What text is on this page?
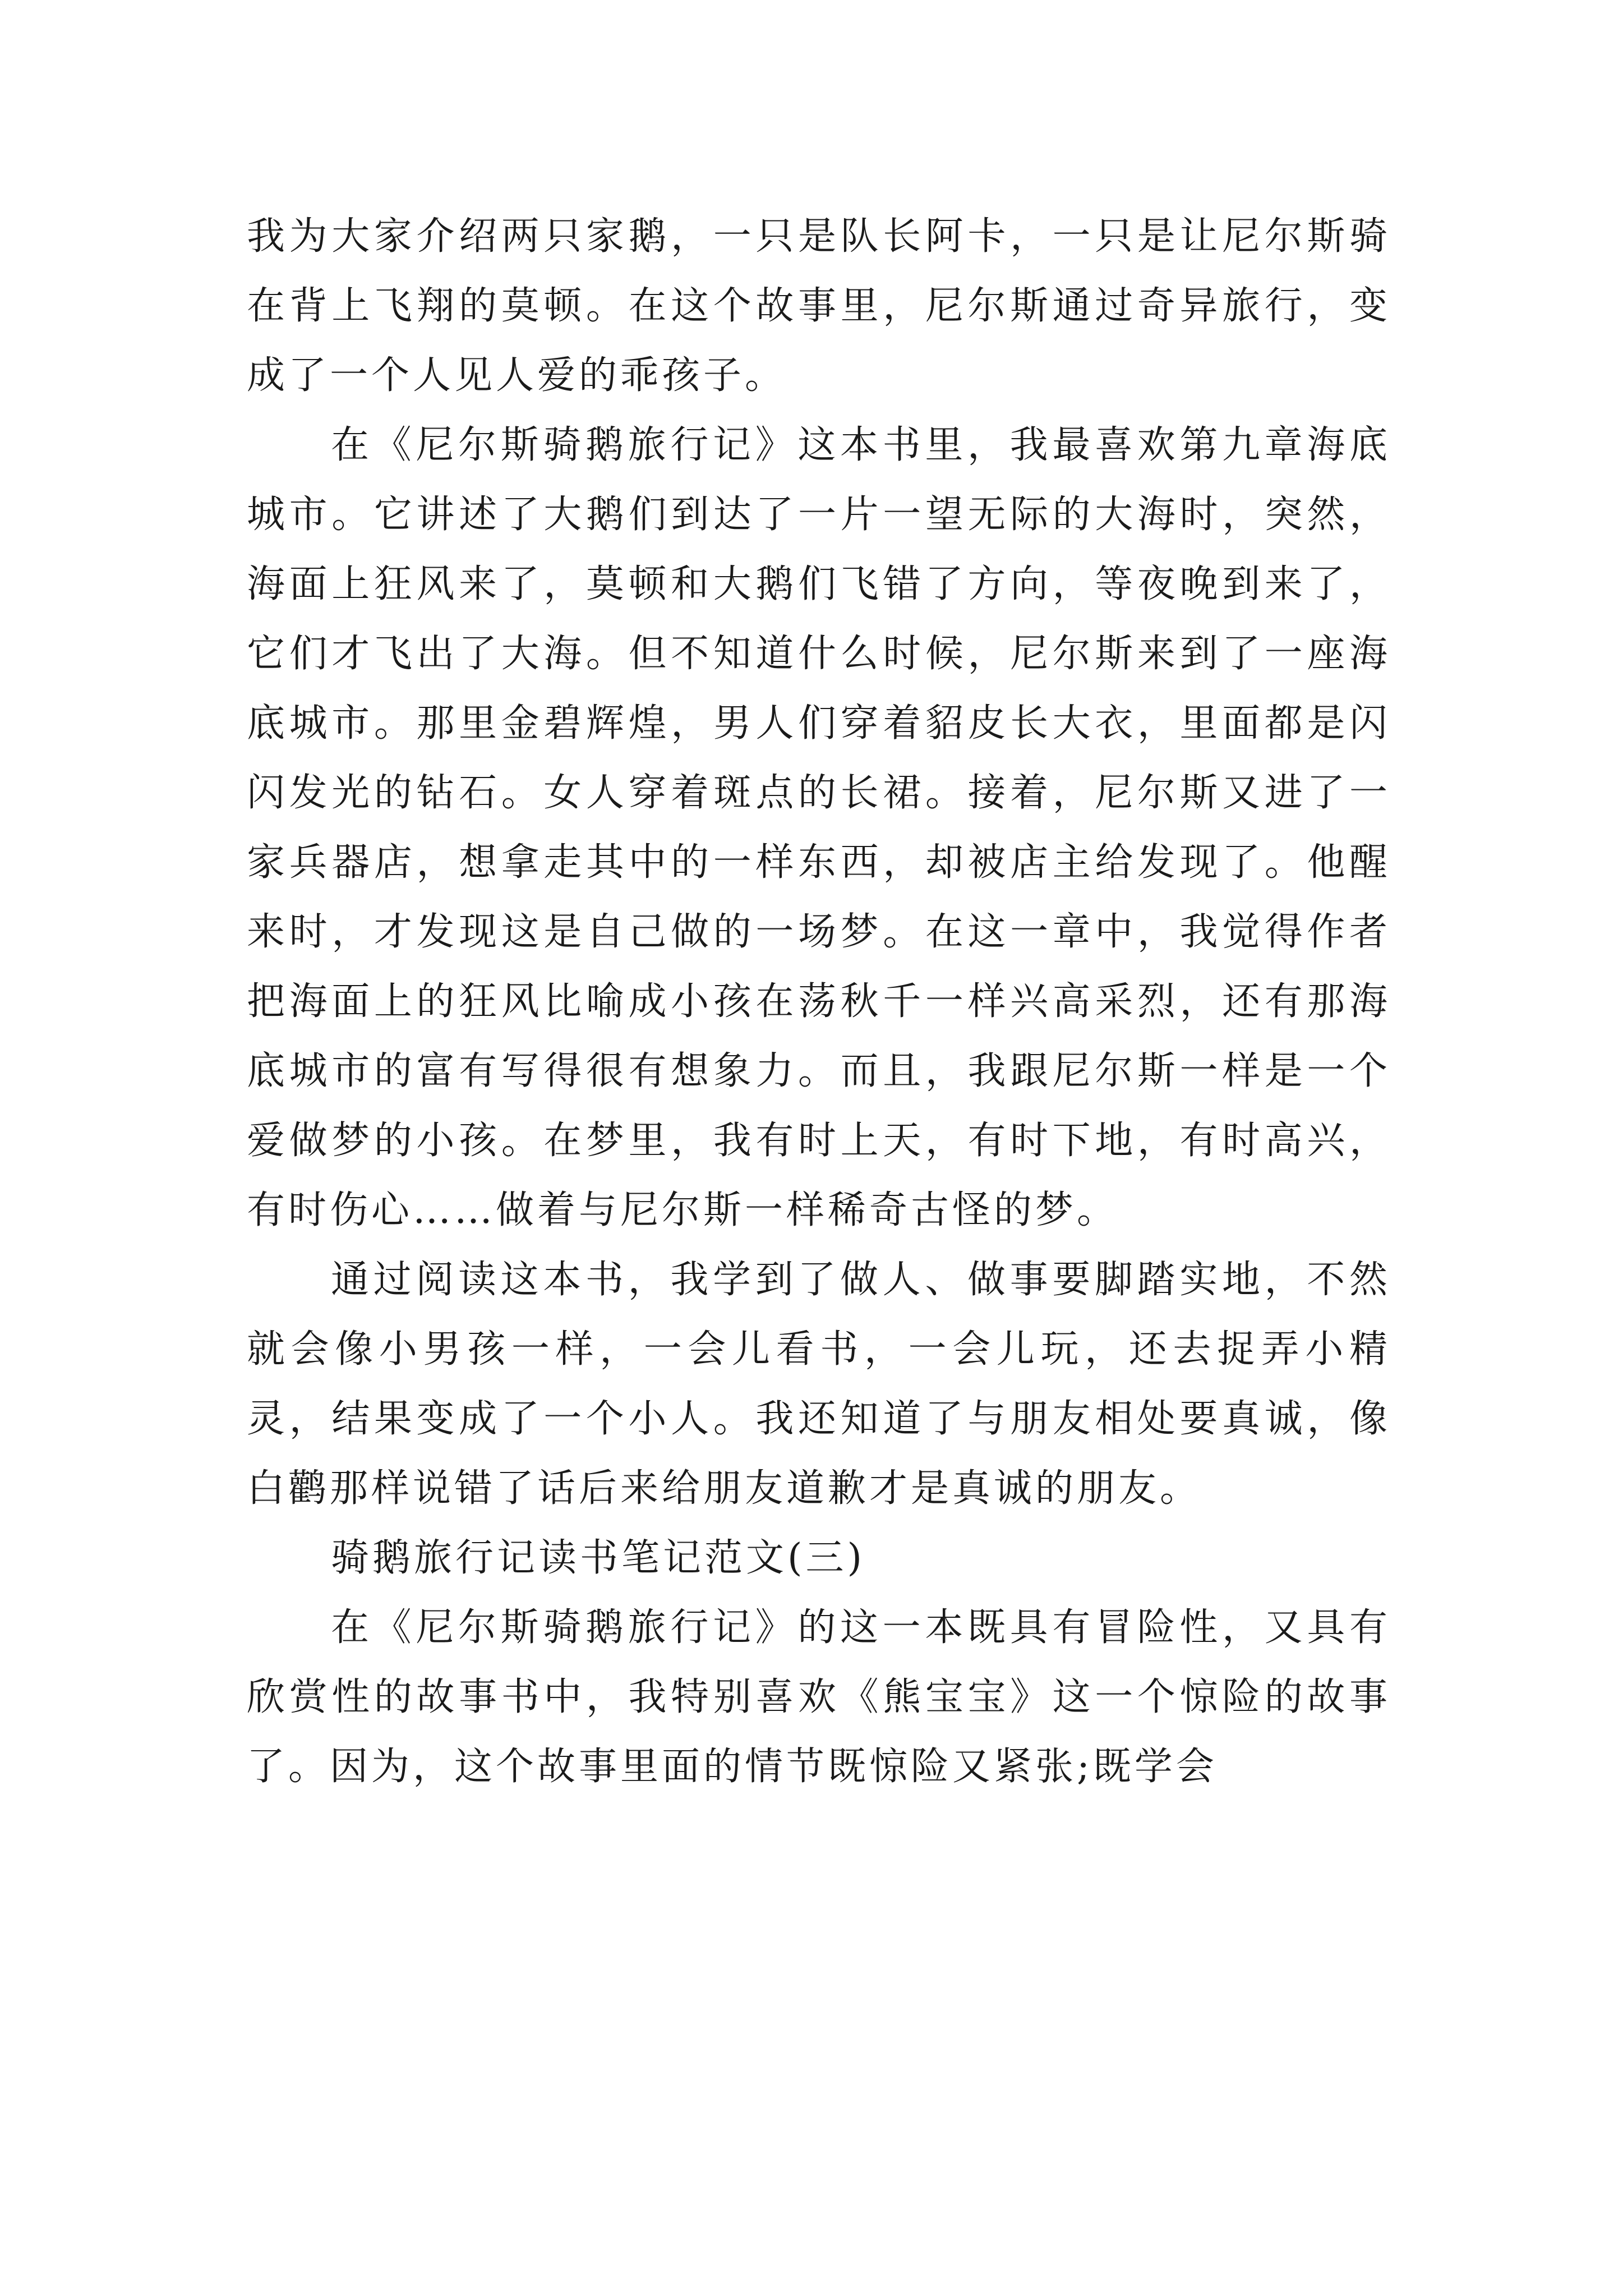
我为大家介绍两只家鹅，一只是队长阿卡，一只是让尼尔斯骑在背上飞翔的莫顿。在这个故事里，尼尔斯通过奇异旅行，变成了一个人见人爱的乖孩子。

在《尼尔斯骑鹅旅行记》这本书里，我最喜欢第九章海底城市。它讲述了大鹅们到达了一片一望无际的大海时，突然，海面上狂风来了，莫顿和大鹅们飞错了方向，等夜晚到来了，它们才飞出了大海。但不知道什么时候，尼尔斯来到了一座海底城市。那里金碧辉煌，男人们穿着貂皮长大衣，里面都是闪闪发光的钻石。女人穿着斑点的长裙。接着，尼尔斯又进了一家兵器店，想拿走其中的一样东西，却被店主给发现了。他醒来时，才发现这是自己做的一场梦。在这一章中，我觉得作者把海面上的狂风比喻成小孩在荡秋千一样兴高采烈，还有那海底城市的富有写得很有想象力。而且，我跟尼尔斯一样是一个爱做梦的小孩。在梦里，我有时上天，有时下地，有时高兴，有时伤心……做着与尼尔斯一样稀奇古怪的梦。

通过阅读这本书，我学到了做人、做事要脚踏实地，不然就会像小男孩一样，一会儿看书，一会儿玩，还去捉弄小精灵，结果变成了一个小人。我还知道了与朋友相处要真诚，像白鹳那样说错了话后来给朋友道歉才是真诚的朋友。

骑鹅旅行记读书笔记范文(三)

在《尼尔斯骑鹅旅行记》的这一本既具有冒险性，又具有欣赏性的故事书中，我特别喜欢《熊宝宝》这一个惊险的故事了。因为，这个故事里面的情节既惊险又紧张;既学会
